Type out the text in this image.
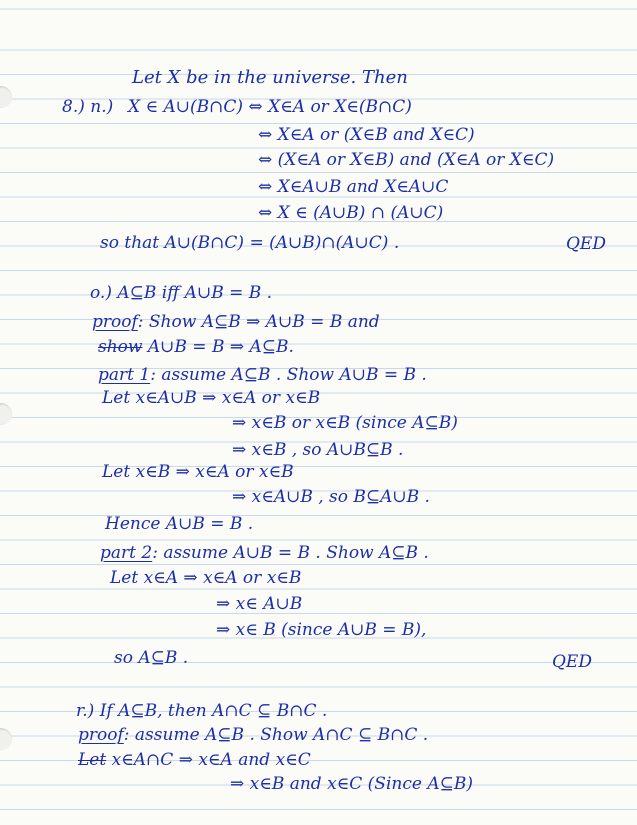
Let X be in the universe. Then
8.) n.) X ∈ A∪(B∩C) ⇔ X∈A or X∈(B∩C)
⇔ X∈A or (X∈B and X∈C)
⇔ (X∈A or X∈B) and (X∈A or X∈C)
⇔ X∈A∪B and X∈A∪C
⇔ X ∈ (A∪B) ∩ (A∪C)
so that A∪(B∩C) = (A∪B)∩(A∪C) .	QED
o.) A⊆B iff A∪B = B .
proof: Show A⊆B ⇒ A∪B = B and
show A∪B = B ⇒ A⊆B.
part 1: assume A⊆B . Show A∪B = B .
Let x∈A∪B ⇒ x∈A or x∈B
⇒ x∈B or x∈B (since A⊆B)
⇒ x∈B , so A∪B⊆B .
Let x∈B ⇒ x∈A or x∈B
⇒ x∈A∪B , so B⊆A∪B .
Hence A∪B = B .
part 2: assume A∪B = B . Show A⊆B .
Let x∈A ⇒ x∈A or x∈B
⇒ x∈ A∪B
⇒ x∈ B (since A∪B = B),
so A⊆B .	QED
r.) If A⊆B, then A∩C ⊆ B∩C .
proof: assume A⊆B . Show A∩C ⊆ B∩C .
Let x∈A∩C ⇒ x∈A and x∈C
⇒ x∈B and x∈C (Since A⊆B)
